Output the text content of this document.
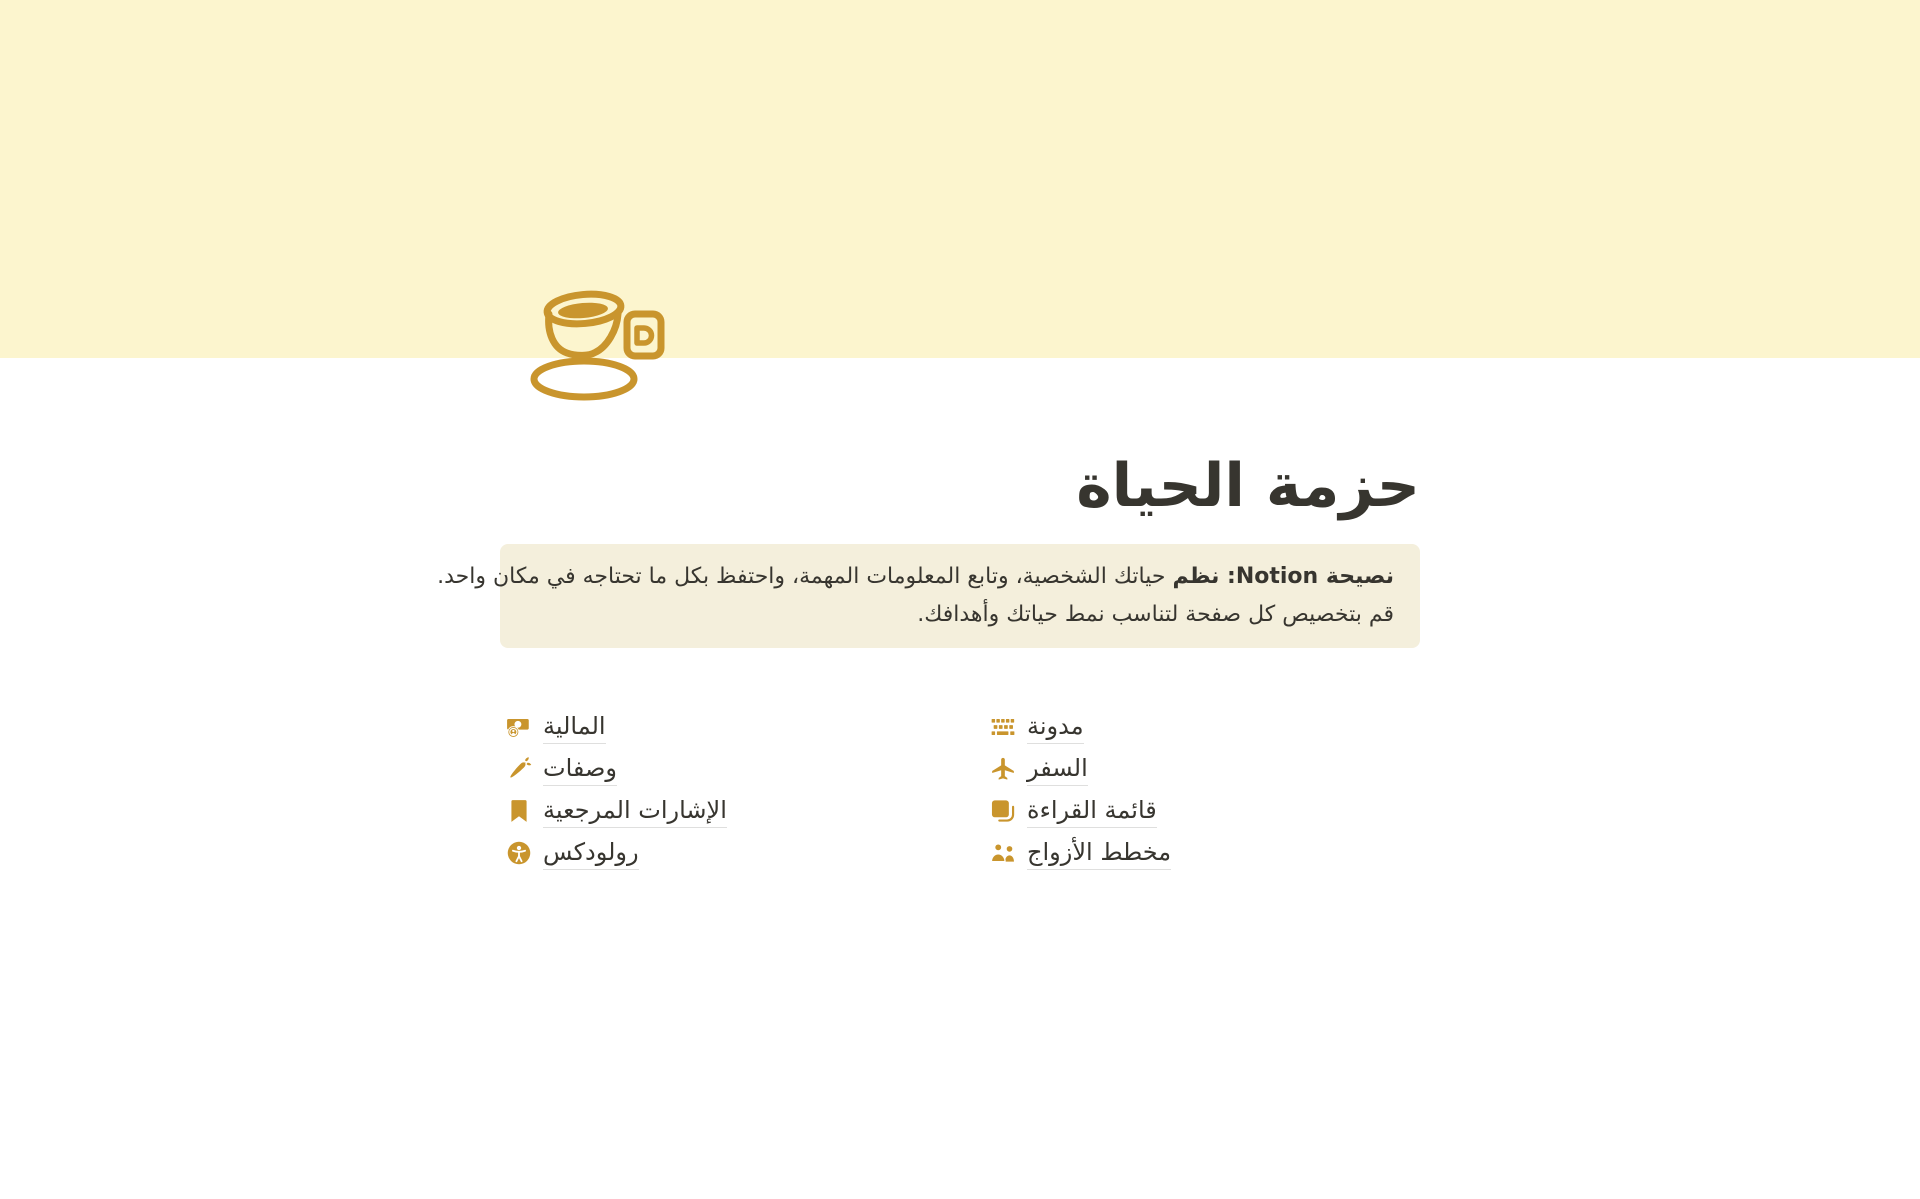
حزمة الحياة
نصيحة Notion: نظم حياتك الشخصية، وتابع المعلومات المهمة، واحتفظ بكل ما تحتاجه في مكان واحد.
قم بتخصيص كل صفحة لتناسب نمط حياتك وأهدافك.
المالية
وصفات
الإشارات المرجعية
رولودكس
مدونة
السفر
قائمة القراءة
مخطط الأزواج
